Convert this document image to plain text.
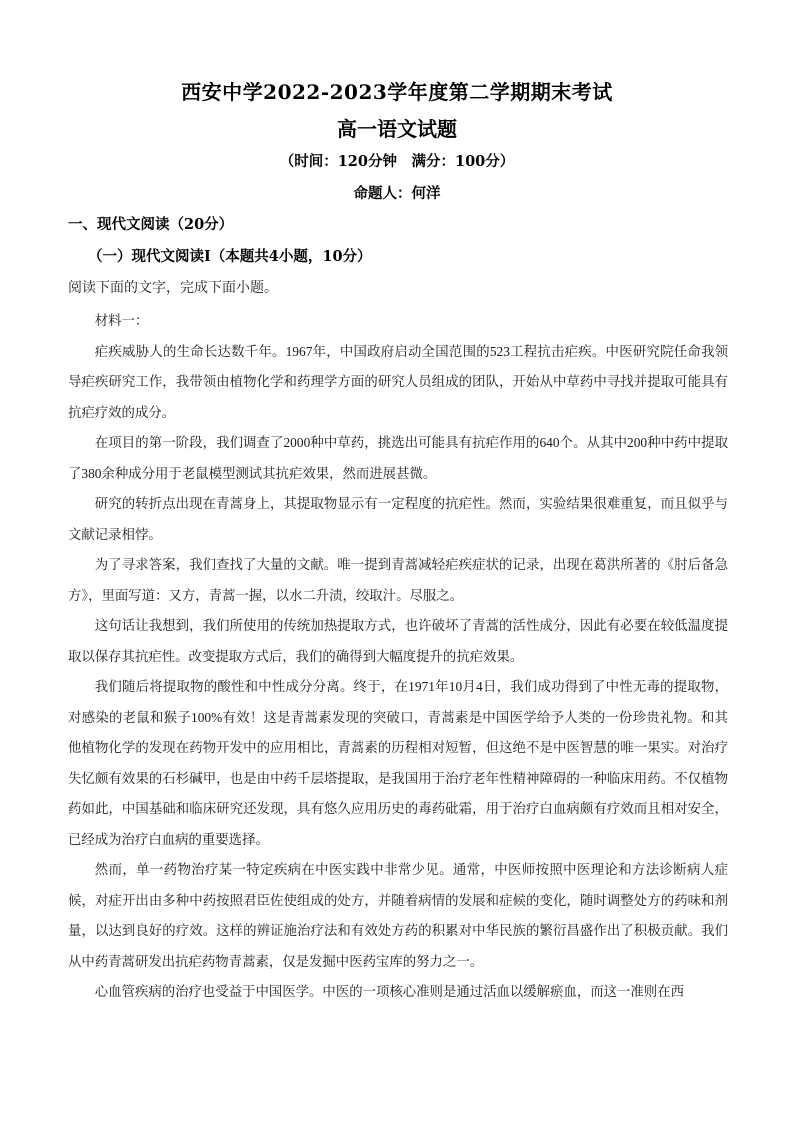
西安中学2022-2023学年度第二学期期末考试
高一语文试题
（时间：120分钟　满分：100分）
命题人：何洋
一、现代文阅读（20分）
（一）现代文阅读Ⅰ（本题共4小题，10分）
阅读下面的文字，完成下面小题。

材料一：

疟疾威胁人的生命长达数千年。1967年，中国政府启动全国范围的523工程抗击疟疾。中医研究院任命我领导疟疾研究工作，我带领由植物化学和药理学方面的研究人员组成的团队，开始从中草药中寻找并提取可能具有抗疟疗效的成分。

在项目的第一阶段，我们调查了2000种中草药，挑选出可能具有抗疟作用的640个。从其中200种中药中提取了380余种成分用于老鼠模型测试其抗疟效果，然而进展甚微。

研究的转折点出现在青蒿身上，其提取物显示有一定程度的抗疟性。然而，实验结果很难重复，而且似乎与文献记录相悖。

为了寻求答案，我们查找了大量的文献。唯一提到青蒿减轻疟疾症状的记录，出现在葛洪所著的《肘后备急方》，里面写道：又方，青蒿一握，以水二升渍，绞取汁。尽服之。

这句话让我想到，我们所使用的传统加热提取方式，也许破坏了青蒿的活性成分，因此有必要在较低温度提取以保存其抗疟性。改变提取方式后，我们的确得到大幅度提升的抗疟效果。

我们随后将提取物的酸性和中性成分分离。终于，在1971年10月4日，我们成功得到了中性无毒的提取物，对感染的老鼠和猴子100%有效！这是青蒿素发现的突破口，青蒿素是中国医学给予人类的一份珍贵礼物。和其他植物化学的发现在药物开发中的应用相比，青蒿素的历程相对短暂，但这绝不是中医智慧的唯一果实。对治疗失忆颇有效果的石杉碱甲，也是由中药千层塔提取，是我国用于治疗老年性精神障碍的一种临床用药。不仅植物药如此，中国基础和临床研究还发现，具有悠久应用历史的毒药砒霜，用于治疗白血病颇有疗效而且相对安全，已经成为治疗白血病的重要选择。

然而，单一药物治疗某一特定疾病在中医实践中非常少见。通常，中医师按照中医理论和方法诊断病人症候，对症开出由多种中药按照君臣佐使组成的处方，并随着病情的发展和症候的变化，随时调整处方的药味和剂量，以达到良好的疗效。这样的辨证施治疗法和有效处方药的积累对中华民族的繁衍昌盛作出了积极贡献。我们从中药青蒿研发出抗疟药物青蒿素，仅是发掘中医药宝库的努力之一。

心血管疾病的治疗也受益于中国医学。中医的一项核心准则是通过活血以缓解瘀血，而这一准则在西
